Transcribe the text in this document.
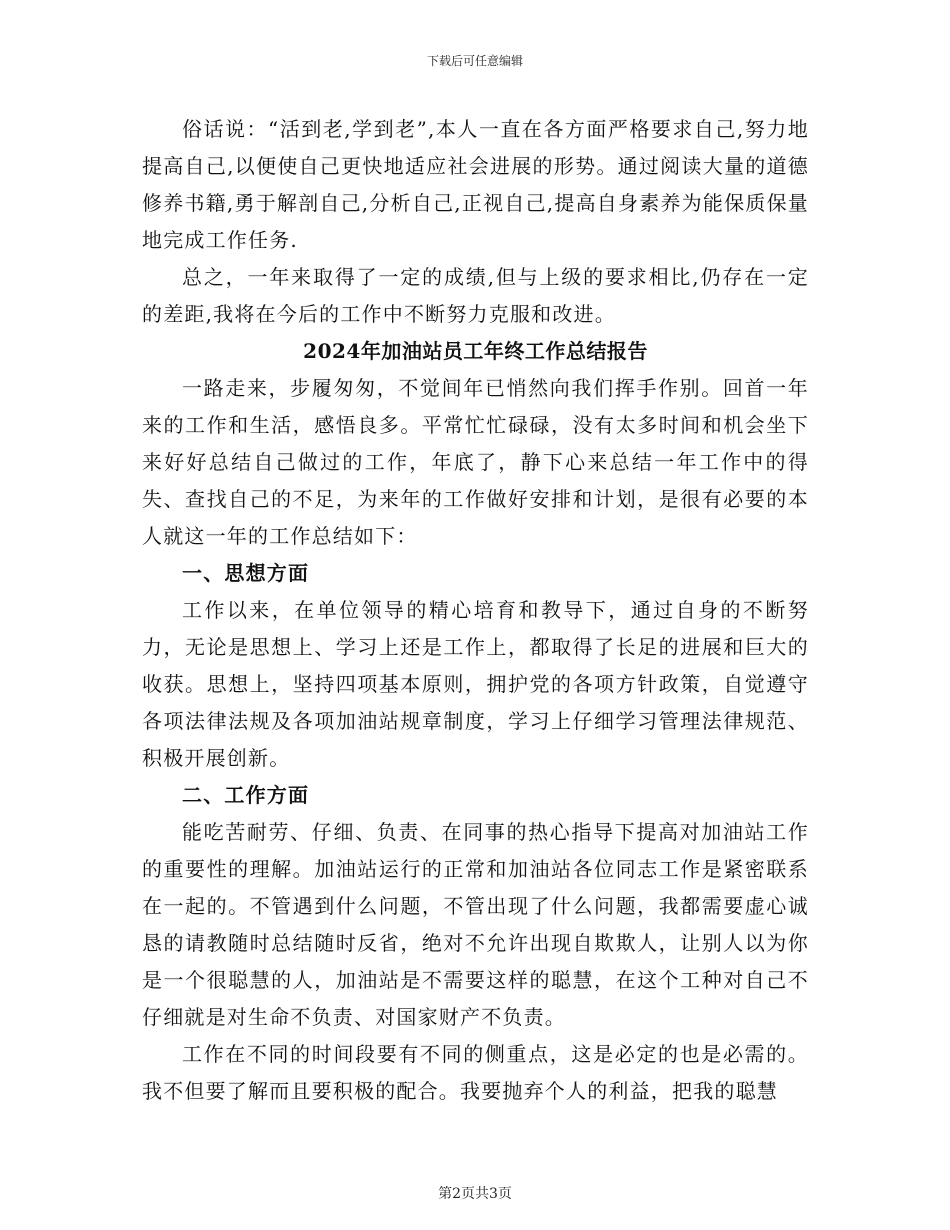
下载后可任意编辑

俗话说：“活到老,学到老”,本人一直在各方面严格要求自己,努力地提高自己,以便使自己更快地适应社会进展的形势。通过阅读大量的道德修养书籍,勇于解剖自己,分析自己,正视自己,提高自身素养为能保质保量地完成工作任务.

总之，一年来取得了一定的成绩,但与上级的要求相比,仍存在一定的差距,我将在今后的工作中不断努力克服和改进。

2024年加油站员工年终工作总结报告

一路走来，步履匆匆，不觉间年已悄然向我们挥手作别。回首一年来的工作和生活，感悟良多。平常忙忙碌碌，没有太多时间和机会坐下来好好总结自己做过的工作，年底了，静下心来总结一年工作中的得失、查找自己的不足，为来年的工作做好安排和计划，是很有必要的本人就这一年的工作总结如下：

一、思想方面

工作以来，在单位领导的精心培育和教导下，通过自身的不断努力，无论是思想上、学习上还是工作上，都取得了长足的进展和巨大的收获。思想上，坚持四项基本原则，拥护党的各项方针政策，自觉遵守各项法律法规及各项加油站规章制度，学习上仔细学习管理法律规范、积极开展创新。

二、工作方面

能吃苦耐劳、仔细、负责、在同事的热心指导下提高对加油站工作的重要性的理解。加油站运行的正常和加油站各位同志工作是紧密联系在一起的。不管遇到什么问题，不管出现了什么问题，我都需要虚心诚恳的请教随时总结随时反省，绝对不允许出现自欺欺人，让别人以为你是一个很聪慧的人，加油站是不需要这样的聪慧，在这个工种对自己不仔细就是对生命不负责、对国家财产不负责。

工作在不同的时间段要有不同的侧重点，这是必定的也是必需的。我不但要了解而且要积极的配合。我要抛弃个人的利益，把我的聪慧

第2页共3页
